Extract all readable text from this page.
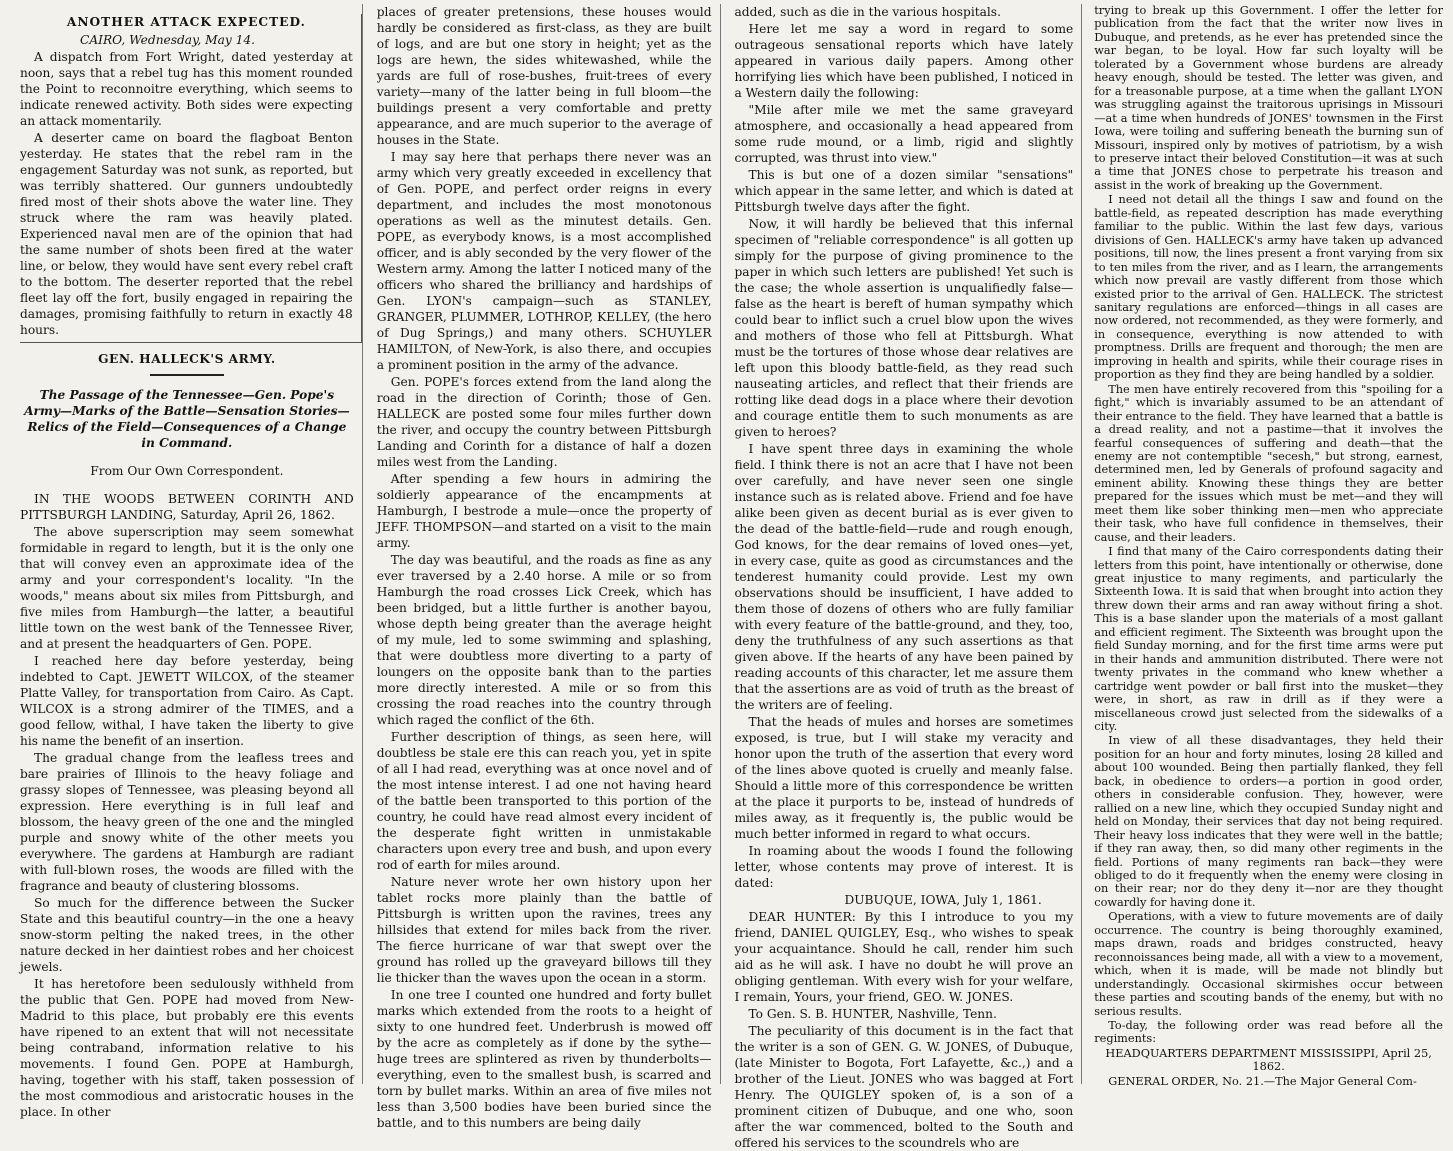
ANOTHER ATTACK EXPECTED.

CAIRO, Wednesday, May 14.

A dispatch from Fort Wright, dated yesterday at noon, says that a rebel tug has this moment rounded the Point to reconnoitre everything, which seems to indicate renewed activity. Both sides were expecting an attack momentarily.

A deserter came on board the flagboat Benton yesterday. He states that the rebel ram in the engagement Saturday was not sunk, as reported, but was terribly shattered. Our gunners undoubtedly fired most of their shots above the water line. They struck where the ram was heavily plated. Experienced naval men are of the opinion that had the same number of shots been fired at the water line, or below, they would have sent every rebel craft to the bottom. The deserter reported that the rebel fleet lay off the fort, busily engaged in repairing the damages, promising faithfully to return in exactly 48 hours.

GEN. HALLECK'S ARMY.

The Passage of the Tennessee—Gen. Pope's Army—Marks of the Battle—Sensation Stories—Relics of the Field—Consequences of a Change in Command.

From Our Own Correspondent.

IN THE WOODS BETWEEN CORINTH AND PITTSBURGH LANDING, Saturday, April 26, 1862.

The above superscription may seem somewhat formidable in regard to length, but it is the only one that will convey even an approximate idea of the army and your correspondent's locality. "In the woods," means about six miles from Pittsburgh, and five miles from Hamburgh—the latter, a beautiful little town on the west bank of the Tennessee River, and at present the headquarters of Gen. POPE.

I reached here day before yesterday, being indebted to Capt. JEWETT WILCOX, of the steamer Platte Valley, for transportation from Cairo. As Capt. WILCOX is a strong admirer of the TIMES, and a good fellow, withal, I have taken the liberty to give his name the benefit of an insertion.

The gradual change from the leafless trees and bare prairies of Illinois to the heavy foliage and grassy slopes of Tennessee, was pleasing beyond all expression. Here everything is in full leaf and blossom, the heavy green of the one and the mingled purple and snowy white of the other meets you everywhere. The gardens at Hamburgh are radiant with full-blown roses, the woods are filled with the fragrance and beauty of clustering blossoms.

So much for the difference between the Sucker State and this beautiful country—in the one a heavy snow-storm pelting the naked trees, in the other nature decked in her daintiest robes and her choicest jewels.

It has heretofore been sedulously withheld from the public that Gen. POPE had moved from New-Madrid to this place, but probably ere this events have ripened to an extent that will not necessitate being contraband, information relative to his movements. I found Gen. POPE at Hamburgh, having, together with his staff, taken possession of the most commodious and aristocratic houses in the place. In other

places of greater pretensions, these houses would hardly be considered as first-class, as they are built of logs, and are but one story in height; yet as the logs are hewn, the sides whitewashed, while the yards are full of rose-bushes, fruit-trees of every variety—many of the latter being in full bloom—the buildings present a very comfortable and pretty appearance, and are much superior to the average of houses in the State.

I may say here that perhaps there never was an army which very greatly exceeded in excellency that of Gen. POPE, and perfect order reigns in every department, and includes the most monotonous operations as well as the minutest details. Gen. POPE, as everybody knows, is a most accomplished officer, and is ably seconded by the very flower of the Western army. Among the latter I noticed many of the officers who shared the brilliancy and hardships of Gen. LYON's campaign—such as STANLEY, GRANGER, PLUMMER, LOTHROP, KELLEY, (the hero of Dug Springs,) and many others. SCHUYLER HAMILTON, of New-York, is also there, and occupies a prominent position in the army of the advance.

Gen. POPE's forces extend from the land along the road in the direction of Corinth; those of Gen. HALLECK are posted some four miles further down the river, and occupy the country between Pittsburgh Landing and Corinth for a distance of half a dozen miles west from the Landing.

After spending a few hours in admiring the soldierly appearance of the encampments at Hamburgh, I bestrode a mule—once the property of JEFF. THOMPSON—and started on a visit to the main army.

The day was beautiful, and the roads as fine as any ever traversed by a 2.40 horse. A mile or so from Hamburgh the road crosses Lick Creek, which has been bridged, but a little further is another bayou, whose depth being greater than the average height of my mule, led to some swimming and splashing, that were doubtless more diverting to a party of loungers on the opposite bank than to the parties more directly interested. A mile or so from this crossing the road reaches into the country through which raged the conflict of the 6th.

Further description of things, as seen here, will doubtless be stale ere this can reach you, yet in spite of all I had read, everything was at once novel and of the most intense interest. I ad one not having heard of the battle been transported to this portion of the country, he could have read almost every incident of the desperate fight written in unmistakable characters upon every tree and bush, and upon every rod of earth for miles around.

Nature never wrote her own history upon her tablet rocks more plainly than the battle of Pittsburgh is written upon the ravines, trees any hillsides that extend for miles back from the river. The fierce hurricane of war that swept over the ground has rolled up the graveyard billows till they lie thicker than the waves upon the ocean in a storm.

In one tree I counted one hundred and forty bullet marks which extended from the roots to a height of sixty to one hundred feet. Underbrush is mowed off by the acre as completely as if done by the sythe—huge trees are splintered as riven by thunderbolts—everything, even to the smallest bush, is scarred and torn by bullet marks. Within an area of five miles not less than 3,500 bodies have been buried since the battle, and to this numbers are being daily

added, such as die in the various hospitals.

Here let me say a word in regard to some outrageous sensational reports which have lately appeared in various daily papers. Among other horrifying lies which have been published, I noticed in a Western daily the following:

"Mile after mile we met the same graveyard atmosphere, and occasionally a head appeared from some rude mound, or a limb, rigid and slightly corrupted, was thrust into view."

This is but one of a dozen similar "sensations" which appear in the same letter, and which is dated at Pittsburgh twelve days after the fight.

Now, it will hardly be believed that this infernal specimen of "reliable correspondence" is all gotten up simply for the purpose of giving prominence to the paper in which such letters are published! Yet such is the case; the whole assertion is unqualifiedly false—false as the heart is bereft of human sympathy which could bear to inflict such a cruel blow upon the wives and mothers of those who fell at Pittsburgh. What must be the tortures of those whose dear relatives are left upon this bloody battle-field, as they read such nauseating articles, and reflect that their friends are rotting like dead dogs in a place where their devotion and courage entitle them to such monuments as are given to heroes?

I have spent three days in examining the whole field. I think there is not an acre that I have not been over carefully, and have never seen one single instance such as is related above. Friend and foe have alike been given as decent burial as is ever given to the dead of the battle-field—rude and rough enough, God knows, for the dear remains of loved ones—yet, in every case, quite as good as circumstances and the tenderest humanity could provide. Lest my own observations should be insufficient, I have added to them those of dozens of others who are fully familiar with every feature of the battle-ground, and they, too, deny the truthfulness of any such assertions as that given above. If the hearts of any have been pained by reading accounts of this character, let me assure them that the assertions are as void of truth as the breast of the writers are of feeling.

That the heads of mules and horses are sometimes exposed, is true, but I will stake my veracity and honor upon the truth of the assertion that every word of the lines above quoted is cruelly and meanly false. Should a little more of this correspondence be written at the place it purports to be, instead of hundreds of miles away, as it frequently is, the public would be much better informed in regard to what occurs.

In roaming about the woods I found the following letter, whose contents may prove of interest. It is dated:

DUBUQUE, IOWA, July 1, 1861.

DEAR HUNTER: By this I introduce to you my friend, DANIEL QUIGLEY, Esq., who wishes to speak your acquaintance. Should he call, render him such aid as he will ask. I have no doubt he will prove an obliging gentleman. With every wish for your welfare, I remain, Yours, your friend, GEO. W. JONES.

To Gen. S. B. HUNTER, Nashville, Tenn.

The peculiarity of this document is in the fact that the writer is a son of GEN. G. W. JONES, of Dubuque, (late Minister to Bogota, Fort Lafayette, &c.,) and a brother of the Lieut. JONES who was bagged at Fort Henry. The QUIGLEY spoken of, is a son of a prominent citizen of Dubuque, and one who, soon after the war commenced, bolted to the South and offered his services to the scoundrels who are

trying to break up this Government. I offer the letter for publication from the fact that the writer now lives in Dubuque, and pretends, as he ever has pretended since the war began, to be loyal. How far such loyalty will be tolerated by a Government whose burdens are already heavy enough, should be tested. The letter was given, and for a treasonable purpose, at a time when the gallant LYON was struggling against the traitorous uprisings in Missouri—at a time when hundreds of JONES' townsmen in the First Iowa, were toiling and suffering beneath the burning sun of Missouri, inspired only by motives of patriotism, by a wish to preserve intact their beloved Constitution—it was at such a time that JONES chose to perpetrate his treason and assist in the work of breaking up the Government.

I need not detail all the things I saw and found on the battle-field, as repeated description has made everything familiar to the public. Within the last few days, various divisions of Gen. HALLECK's army have taken up advanced positions, till now, the lines present a front varying from six to ten miles from the river, and as I learn, the arrangements which now prevail are vastly different from those which existed prior to the arrival of Gen. HALLECK. The strictest sanitary regulations are enforced—things in all cases are now ordered, not recommended, as they were formerly, and in consequence, everything is now attended to with promptness. Drills are frequent and thorough; the men are improving in health and spirits, while their courage rises in proportion as they find they are being handled by a soldier.

The men have entirely recovered from this "spoiling for a fight," which is invariably assumed to be an attendant of their entrance to the field. They have learned that a battle is a dread reality, and not a pastime—that it involves the fearful consequences of suffering and death—that the enemy are not contemptible "secesh," but strong, earnest, determined men, led by Generals of profound sagacity and eminent ability. Knowing these things they are better prepared for the issues which must be met—and they will meet them like sober thinking men—men who appreciate their task, who have full confidence in themselves, their cause, and their leaders.

I find that many of the Cairo correspondents dating their letters from this point, have intentionally or otherwise, done great injustice to many regiments, and particularly the Sixteenth Iowa. It is said that when brought into action they threw down their arms and ran away without firing a shot. This is a base slander upon the materials of a most gallant and efficient regiment. The Sixteenth was brought upon the field Sunday morning, and for the first time arms were put in their hands and ammunition distributed. There were not twenty privates in the command who knew whether a cartridge went powder or ball first into the musket—they were, in short, as raw in drill as if they were a miscellaneous crowd just selected from the sidewalks of a city.

In view of all these disadvantages, they held their position for an hour and forty minutes, losing 28 killed and about 100 wounded. Being then partially flanked, they fell back, in obedience to orders—a portion in good order, others in considerable confusion. They, however, were rallied on a new line, which they occupied Sunday night and held on Monday, their services that day not being required. Their heavy loss indicates that they were well in the battle; if they ran away, then, so did many other regiments in the field. Portions of many regiments ran back—they were obliged to do it frequently when the enemy were closing in on their rear; nor do they deny it—nor are they thought cowardly for having done it.

Operations, with a view to future movements are of daily occurrence. The country is being thoroughly examined, maps drawn, roads and bridges constructed, heavy reconnoissances being made, all with a view to a movement, which, when it is made, will be made not blindly but understandingly. Occasional skirmishes occur between these parties and scouting bands of the enemy, but with no serious results.

To-day, the following order was read before all the regiments:

HEADQUARTERS DEPARTMENT MISSISSIPPI, April 25, 1862.

GENERAL ORDER, No. 21.—The Major General Com-
